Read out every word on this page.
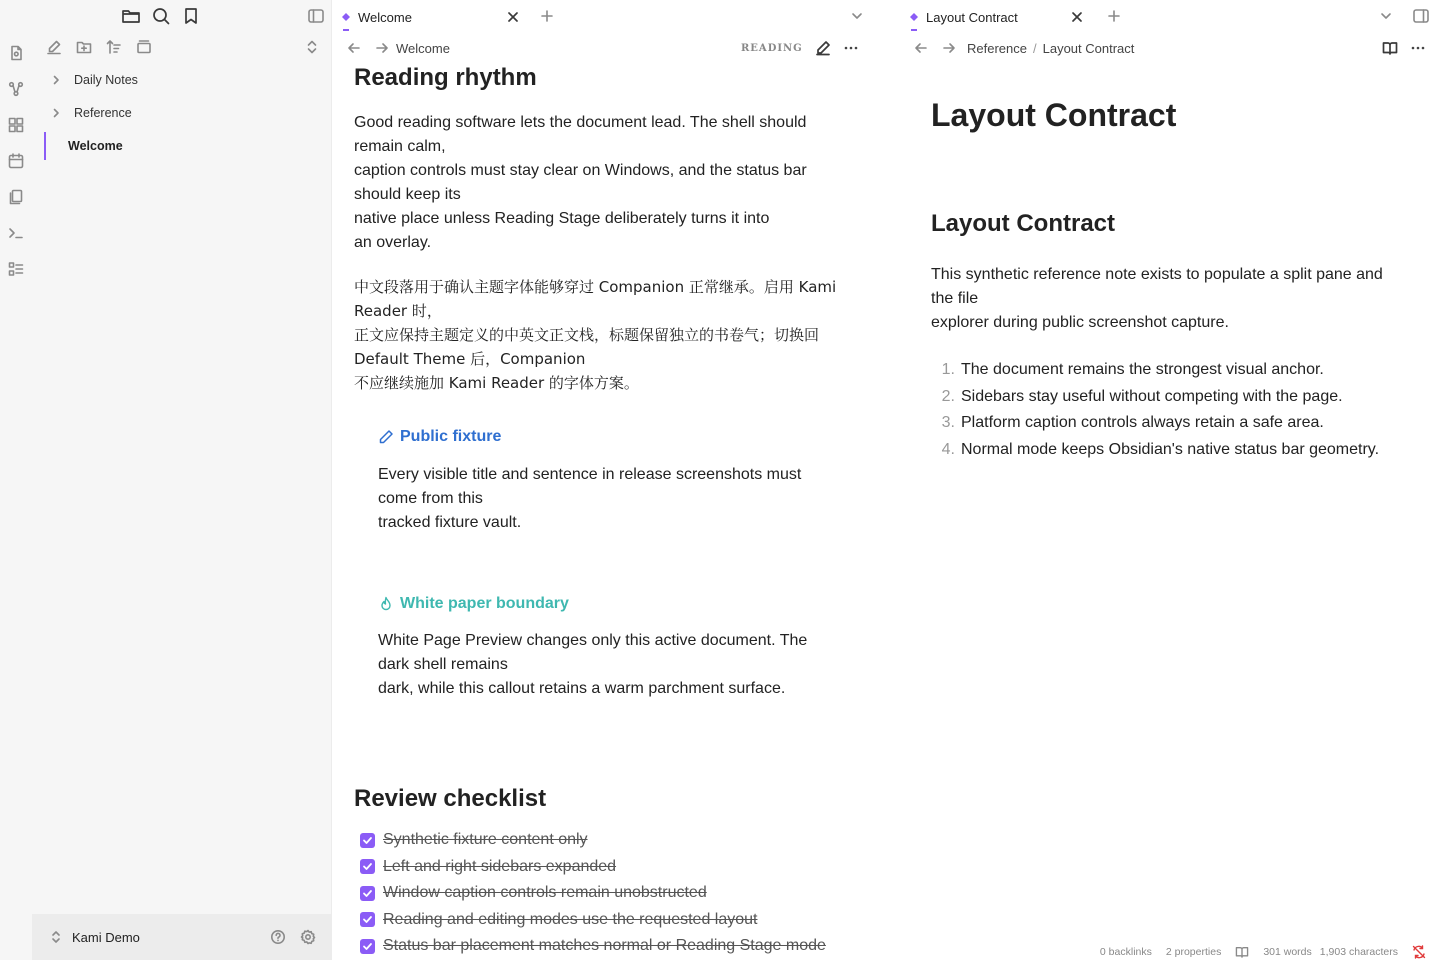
Daily Notes
Reference
Welcome
Kami Demo
Welcome
Welcome	READING
Reading rhythm
Good reading software lets the document lead. The shell should
remain calm,
caption controls must stay clear on Windows, and the status bar
should keep its
native place unless Reading Stage deliberately turns it into
an overlay.
中文段落用于确认主题字体能够穿过 Companion 正常继承。启用 Kami
Reader 时，
正文应保持主题定义的中英文正文栈，标题保留独立的书卷气；切换回
Default Theme 后，Companion
不应继续施加 Kami Reader 的字体方案。
Public fixture
Every visible title and sentence in release screenshots must
come from this
tracked fixture vault.
White paper boundary
White Page Preview changes only this active document. The
dark shell remains
dark, while this callout retains a warm parchment surface.
Review checklist
Synthetic fixture content only
Left and right sidebars expanded
Window caption controls remain unobstructed
Reading and editing modes use the requested layout
Status bar placement matches normal or Reading Stage mode
Layout Contract
Reference / Layout Contract
Layout Contract
Layout Contract
This synthetic reference note exists to populate a split pane and
the file
explorer during public screenshot capture.
1. The document remains the strongest visual anchor.
2. Sidebars stay useful without competing with the page.
3. Platform caption controls always retain a safe area.
4. Normal mode keeps Obsidian's native status bar geometry.
0 backlinks 2 properties	301 words 1,903 characters
